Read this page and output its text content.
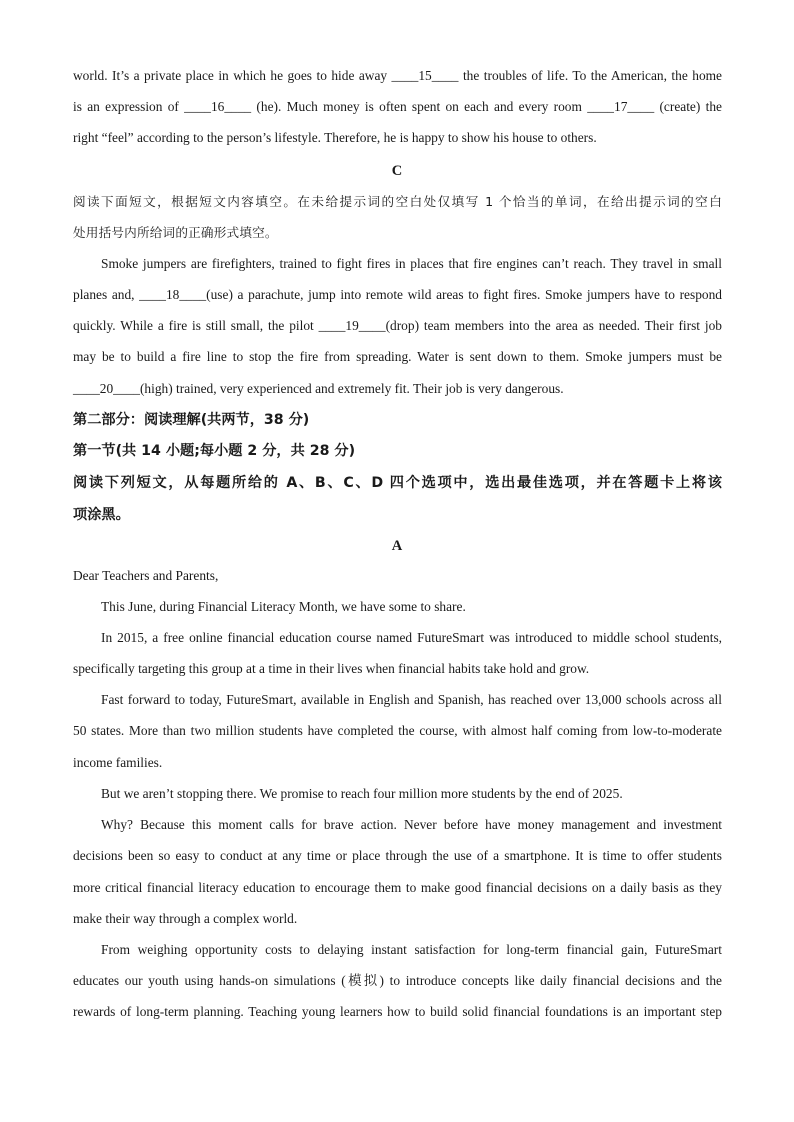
world. It’s a private place in which he goes to hide away ____15____ the troubles of life. To the American, the home
is an expression of ____16____ (he). Much money is often spent on each and every room ____17____ (create) the
right “feel” according to the person’s lifestyle. Therefore, he is happy to show his house to others.
C
阅读下面短文，根据短文内容填空。在未给提示词的空白处仅填写 1 个恰当的单词，在给出提示词的空白
处用括号内所给词的正确形式填空。
Smoke jumpers are firefighters, trained to fight fires in places that fire engines can’t reach. They travel in small
planes and, ____18____(use) a parachute, jump into remote wild areas to fight fires. Smoke jumpers have to respond
quickly. While a fire is still small, the pilot ____19____(drop) team members into the area as needed. Their first job
may be to build a fire line to stop the fire from spreading. Water is sent down to them. Smoke jumpers must be
____20____(high) trained, very experienced and extremely fit. Their job is very dangerous.
第二部分：阅读理解(共两节，38 分)
第一节(共 14 小题;每小题 2 分，共 28 分)
阅读下列短文，从每题所给的 A、B、C、D 四个选项中，选出最佳选项，并在答题卡上将该
项涂黑。
A
Dear Teachers and Parents,
This June, during Financial Literacy Month, we have some to share.
In 2015, a free online financial education course named FutureSmart was introduced to middle school students,
specifically targeting this group at a time in their lives when financial habits take hold and grow.
Fast forward to today, FutureSmart, available in English and Spanish, has reached over 13,000 schools across all
50 states. More than two million students have completed the course, with almost half coming from low-to-moderate
income families.
But we aren’t stopping there. We promise to reach four million more students by the end of 2025.
Why? Because this moment calls for brave action. Never before have money management and investment
decisions been so easy to conduct at any time or place through the use of a smartphone. It is time to offer students
more critical financial literacy education to encourage them to make good financial decisions on a daily basis as they
make their way through a complex world.
From weighing opportunity costs to delaying instant satisfaction for long-term financial gain, FutureSmart
educates our youth using hands-on simulations (模拟) to introduce concepts like daily financial decisions and the
rewards of long-term planning. Teaching young learners how to build solid financial foundations is an important step
